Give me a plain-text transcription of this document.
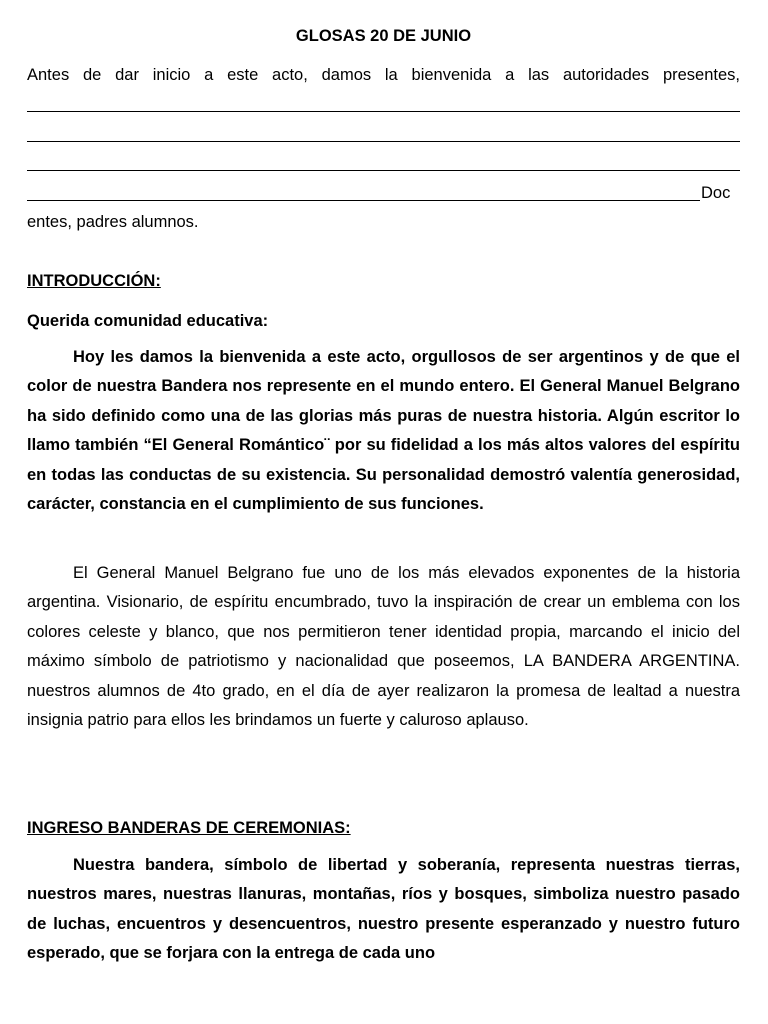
GLOSAS 20 DE JUNIO
Antes de dar inicio a este acto, damos la bienvenida a las autoridades presentes,
Doc
entes, padres alumnos.
INTRODUCCIÓN:
Querida comunidad educativa:

Hoy les damos la bienvenida a este acto, orgullosos de ser argentinos y de que el color de nuestra Bandera nos represente en el mundo entero. El General Manuel Belgrano ha sido definido como una de las glorias más puras de nuestra historia. Algún escritor lo llamo también “El General Romántico¨ por su fidelidad a los más altos valores del espíritu en todas las conductas de su existencia. Su personalidad demostró valentía generosidad, carácter, constancia en el cumplimiento de sus funciones.

El General Manuel Belgrano fue uno de los más elevados exponentes de la historia argentina. Visionario, de espíritu encumbrado, tuvo la inspiración de crear un emblema con los colores celeste y blanco, que nos permitieron tener identidad propia, marcando el inicio del máximo símbolo de patriotismo y nacionalidad que poseemos, LA BANDERA ARGENTINA. nuestros alumnos de 4to grado, en el día de ayer realizaron la promesa de lealtad a nuestra insignia patrio para ellos les brindamos un fuerte y caluroso aplauso.

INGRESO BANDERAS DE CEREMONIAS:

Nuestra bandera, símbolo de libertad y soberanía, representa nuestras tierras, nuestros mares, nuestras llanuras, montañas, ríos y bosques, simboliza nuestro pasado de luchas, encuentros y desencuentros, nuestro presente esperanzado y nuestro futuro esperado, que se forjara con la entrega de cada uno
